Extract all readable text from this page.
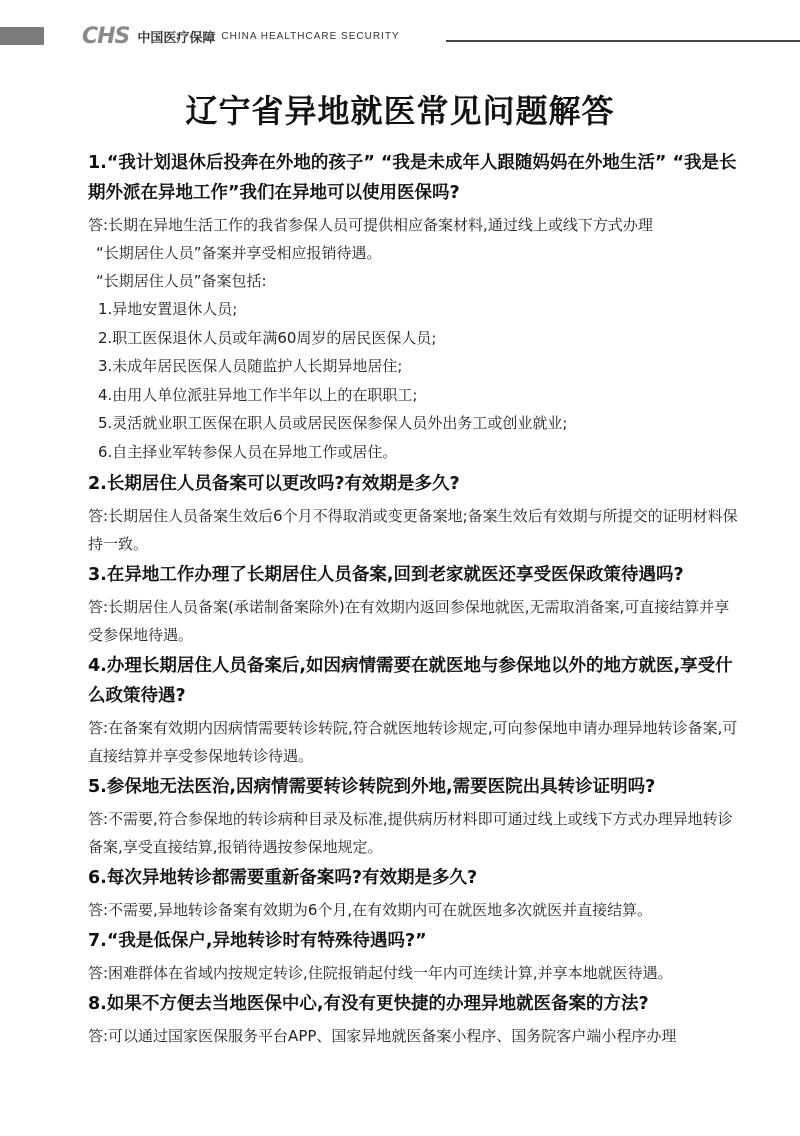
CHS 中国医疗保障 CHINA HEALTHCARE SECURITY
辽宁省异地就医常见问题解答
1.“我计划退休后投奔在外地的孩子” “我是未成年人跟随妈妈在外地生活” “我是长期外派在异地工作”我们在异地可以使用医保吗?

答:长期在异地生活工作的我省参保人员可提供相应备案材料,通过线上或线下方式办理

“长期居住人员”备案并享受相应报销待遇。

“长期居住人员”备案包括:

1.异地安置退休人员;

2.职工医保退休人员或年满60周岁的居民医保人员;

3.未成年居民医保人员随监护人长期异地居住;

4.由用人单位派驻异地工作半年以上的在职职工;

5.灵活就业职工医保在职人员或居民医保参保人员外出务工或创业就业;

6.自主择业军转参保人员在异地工作或居住。

2.长期居住人员备案可以更改吗?有效期是多久?

答:长期居住人员备案生效后6个月不得取消或变更备案地;备案生效后有效期与所提交的证明材料保持一致。

3.在异地工作办理了长期居住人员备案,回到老家就医还享受医保政策待遇吗?

答:长期居住人员备案(承诺制备案除外)在有效期内返回参保地就医,无需取消备案,可直接结算并享受参保地待遇。

4.办理长期居住人员备案后,如因病情需要在就医地与参保地以外的地方就医,享受什么政策待遇?

答:在备案有效期内因病情需要转诊转院,符合就医地转诊规定,可向参保地申请办理异地转诊备案,可直接结算并享受参保地转诊待遇。

5.参保地无法医治,因病情需要转诊转院到外地,需要医院出具转诊证明吗?

答:不需要,符合参保地的转诊病种目录及标准,提供病历材料即可通过线上或线下方式办理异地转诊备案,享受直接结算,报销待遇按参保地规定。

6.每次异地转诊都需要重新备案吗?有效期是多久?

答:不需要,异地转诊备案有效期为6个月,在有效期内可在就医地多次就医并直接结算。

7.“我是低保户,异地转诊时有特殊待遇吗?”

答:困难群体在省域内按规定转诊,住院报销起付线一年内可连续计算,并享本地就医待遇。

8.如果不方便去当地医保中心,有没有更快捷的办理异地就医备案的方法?

答:可以通过国家医保服务平台APP、国家异地就医备案小程序、国务院客户端小程序办理
